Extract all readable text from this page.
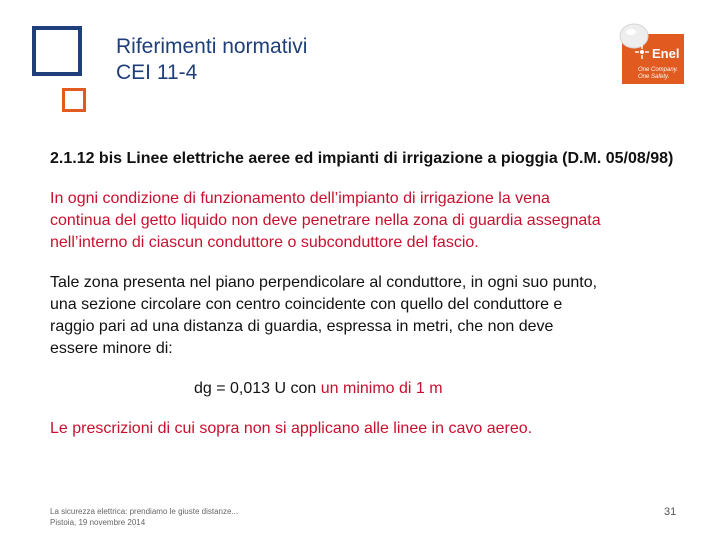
Riferimenti normativi
CEI 11-4
Enel
One Company.
One Safety.

2.1.12 bis Linee elettriche aeree ed impianti di irrigazione a pioggia (D.M. 05/08/98)

In ogni condizione di funzionamento dell’impianto di irrigazione la vena
continua del getto liquido non deve penetrare nella zona di guardia assegnata
nell’interno di ciascun conduttore o subconduttore del fascio.

Tale zona presenta nel piano perpendicolare al conduttore, in ogni suo punto,
una sezione circolare con centro coincidente con quello del conduttore e
raggio pari ad una distanza di guardia, espressa in metri, che non deve
essere minore di:

dg = 0,013 U con un minimo di 1 m

Le prescrizioni di cui sopra non si applicano alle linee in cavo aereo.

La sicurezza elettrica: prendiamo le giuste distanze...
Pistoia, 19 novembre 2014
31
